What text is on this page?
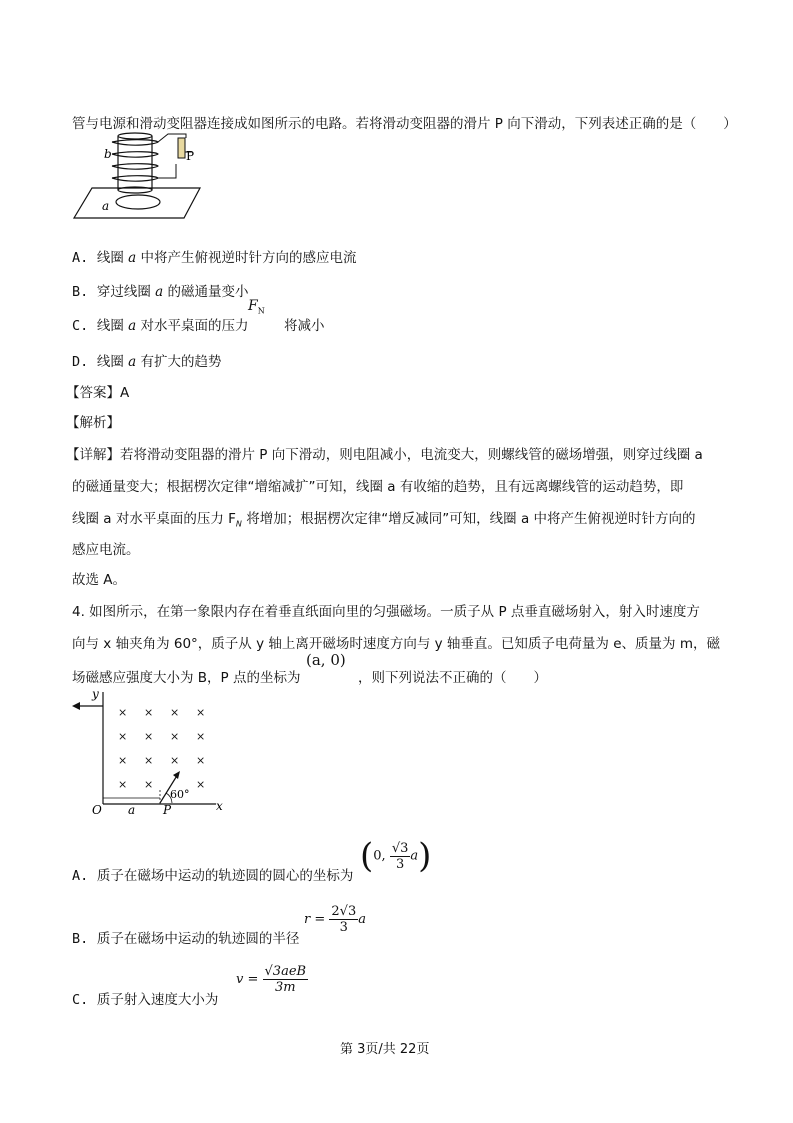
管与电源和滑动变阻器连接成如图所示的电路。若将滑动变阻器的滑片 P 向下滑动，下列表述正确的是（　　）
P
b
a
A. 线圈 a 中将产生俯视逆时针方向的感应电流
B. 穿过线圈 a 的磁通量变小
C. 线圈 a 对水平桌面的压力
$F_N$
将减小
D. 线圈 a 有扩大的趋势
【答案】A
【解析】
【详解】若将滑动变阻器的滑片 P 向下滑动，则电阻减小，电流变大，则螺线管的磁场增强，则穿过线圈 a
的磁通量变大；根据楞次定律“增缩减扩”可知，线圈 a 有收缩的趋势，且有远离螺线管的运动趋势，即
线圈 a 对水平桌面的压力 $F_N$ 将增加；根据楞次定律“增反减同”可知，线圈 a 中将产生俯视逆时针方向的
感应电流。
故选 A。
4. 如图所示，在第一象限内存在着垂直纸面向里的匀强磁场。一质子从 P 点垂直磁场射入，射入时速度方
向与 x 轴夹角为 60°，质子从 y 轴上离开磁场时速度方向与 y 轴垂直。已知质子电荷量为 e、质量为 m，磁
场磁感应强度大小为 B，P 点的坐标为
(a, 0)
，则下列说法不正确的（　　）
y
x
O
× × × ×
× × × ×
× × × ×
× ×	×
a P
60°
A. 质子在磁场中运动的轨迹圆的圆心的坐标为 (0, $\frac{√3}{3} a$)
B. 质子在磁场中运动的轨迹圆的半径
$r = \frac{2√3}{3}$ a
C. 质子射入速度大小为
$v = \frac{\text{√3aeB}}{3m}$
第 3页/共 22页
